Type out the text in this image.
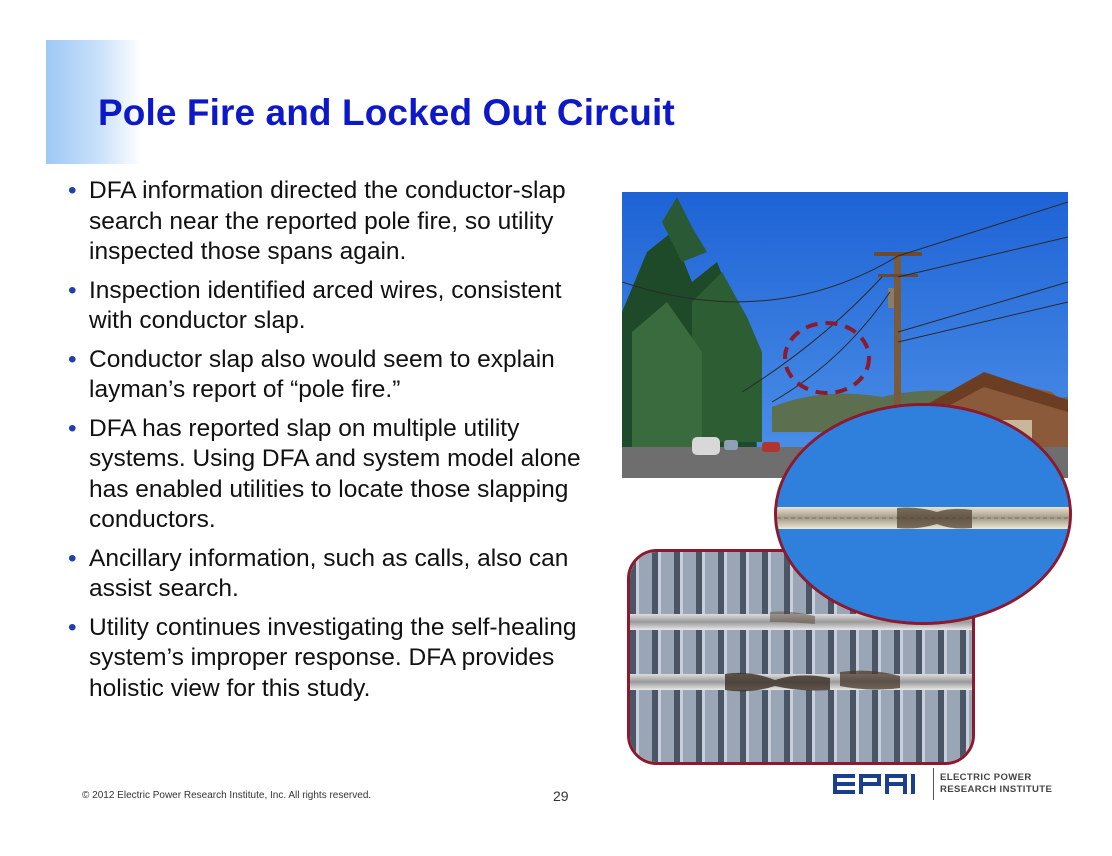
Pole Fire and Locked Out Circuit
• DFA information directed the conductor-slap search near the reported pole fire, so utility inspected those spans again.
• Inspection identified arced wires, consistent with conductor slap.
• Conductor slap also would seem to explain layman’s report of “pole fire.”
• DFA has reported slap on multiple utility systems. Using DFA and system model alone has enabled utilities to locate those slapping conductors.
• Ancillary information, such as calls, also can assist search.
• Utility continues investigating the self-healing system’s improper response. DFA provides holistic view for this study.
© 2012 Electric Power Research Institute, Inc. All rights reserved.	29
ELECTRIC POWER
RESEARCH INSTITUTE
